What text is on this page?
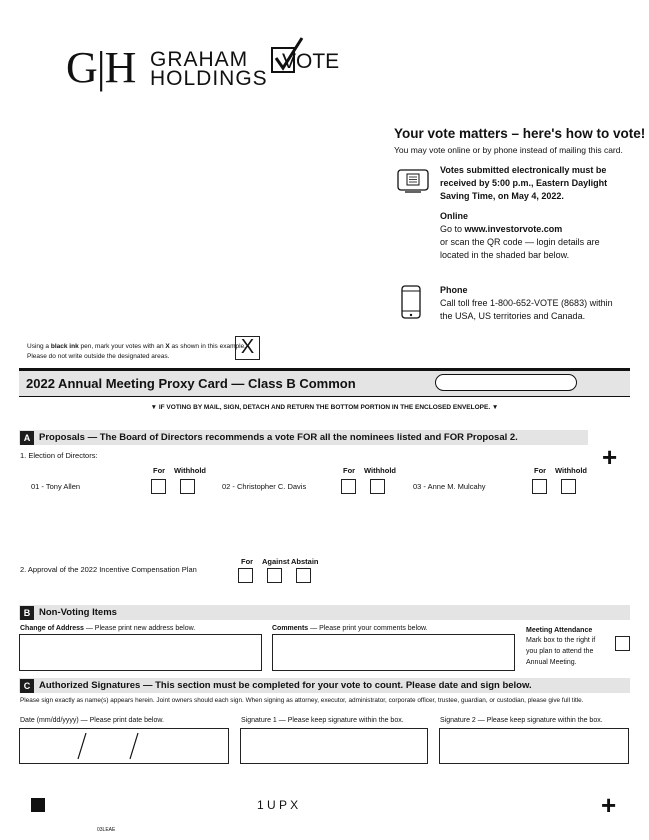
G|H GRAHAM
HOLDINGS
VOTE
Your vote matters – here's how to vote!
You may vote online or by phone instead of mailing this card.
Votes submitted electronically must be received by 5:00 p.m., Eastern Daylight Saving Time, on May 4, 2022.
Online
Go to www.investorvote.com
or scan the QR code — login details are
located in the shaded bar below.
Phone
Call toll free 1-800-652-VOTE (8683) within
the USA, US territories and Canada.
Using a black ink pen, mark your votes with an X as shown in this example.
Please do not write outside the designated areas.	X
2022 Annual Meeting Proxy Card — Class B Common
▼ IF VOTING BY MAIL, SIGN, DETACH AND RETURN THE BOTTOM PORTION IN THE ENCLOSED ENVELOPE. ▼
A Proposals — The Board of Directors recommends a vote FOR all the nominees listed and FOR Proposal 2.
+
1. Election of Directors:
For Withhold	For Withhold	For Withhold
01 - Tony Allen	02 - Christopher C. Davis	03 - Anne M. Mulcahy
For Against Abstain
2. Approval of the 2022 Incentive Compensation Plan
B Non-Voting Items
Change of Address — Please print new address below.	Comments — Please print your comments below.	Meeting Attendance
Mark box to the right if
you plan to attend the
Annual Meeting.
C Authorized Signatures — This section must be completed for your vote to count. Please date and sign below.
Please sign exactly as name(s) appears herein. Joint owners should each sign. When signing as attorney, executor, administrator, corporate officer, trustee, guardian, or custodian, please give full title.
Date (mm/dd/yyyy) — Please print date below.	Signature 1 — Please keep signature within the box.	Signature 2 — Please keep signature within the box.
1 U P X	+
03LEAE
